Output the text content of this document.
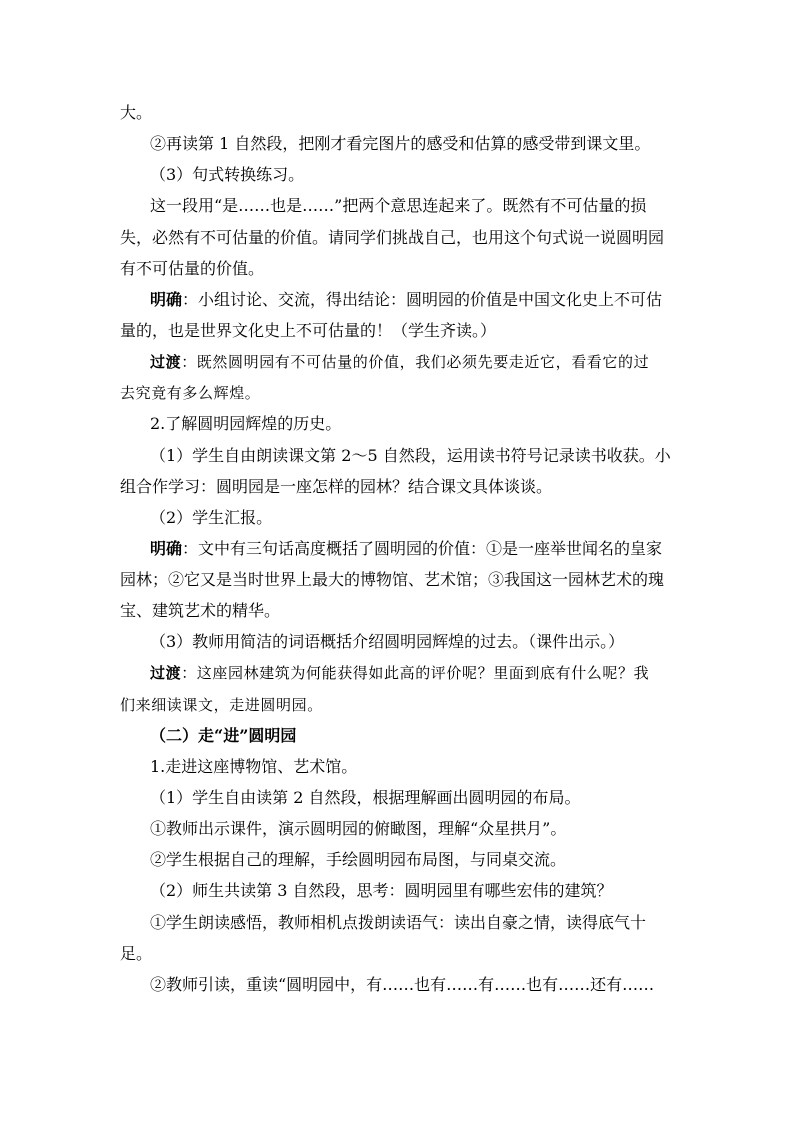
大。
②再读第 1 自然段，把刚才看完图片的感受和估算的感受带到课文里。
（3）句式转换练习。
这一段用“是……也是……”把两个意思连起来了。既然有不可估量的损
失，必然有不可估量的价值。请同学们挑战自己，也用这个句式说一说圆明园
有不可估量的价值。
明确：小组讨论、交流，得出结论：圆明园的价值是中国文化史上不可估
量的，也是世界文化史上不可估量的！（学生齐读。）
过渡：既然圆明园有不可估量的价值，我们必须先要走近它，看看它的过
去究竟有多么辉煌。
2.了解圆明园辉煌的历史。
（1）学生自由朗读课文第 2～5 自然段，运用读书符号记录读书收获。小
组合作学习：圆明园是一座怎样的园林？结合课文具体谈谈。
（2）学生汇报。
明确：文中有三句话高度概括了圆明园的价值：①是一座举世闻名的皇家
园林；②它又是当时世界上最大的博物馆、艺术馆；③我国这一园林艺术的瑰
宝、建筑艺术的精华。
（3）教师用简洁的词语概括介绍圆明园辉煌的过去。（课件出示。）
过渡：这座园林建筑为何能获得如此高的评价呢？里面到底有什么呢？我
们来细读课文，走进圆明园。
（二）走“进”圆明园
1.走进这座博物馆、艺术馆。
（1）学生自由读第 2 自然段，根据理解画出圆明园的布局。
①教师出示课件，演示圆明园的俯瞰图，理解“众星拱月”。
②学生根据自己的理解，手绘圆明园布局图，与同桌交流。
（2）师生共读第 3 自然段，思考：圆明园里有哪些宏伟的建筑？
①学生朗读感悟，教师相机点拨朗读语气：读出自豪之情，读得底气十
足。
②教师引读，重读“圆明园中，有……也有……有……也有……还有……
